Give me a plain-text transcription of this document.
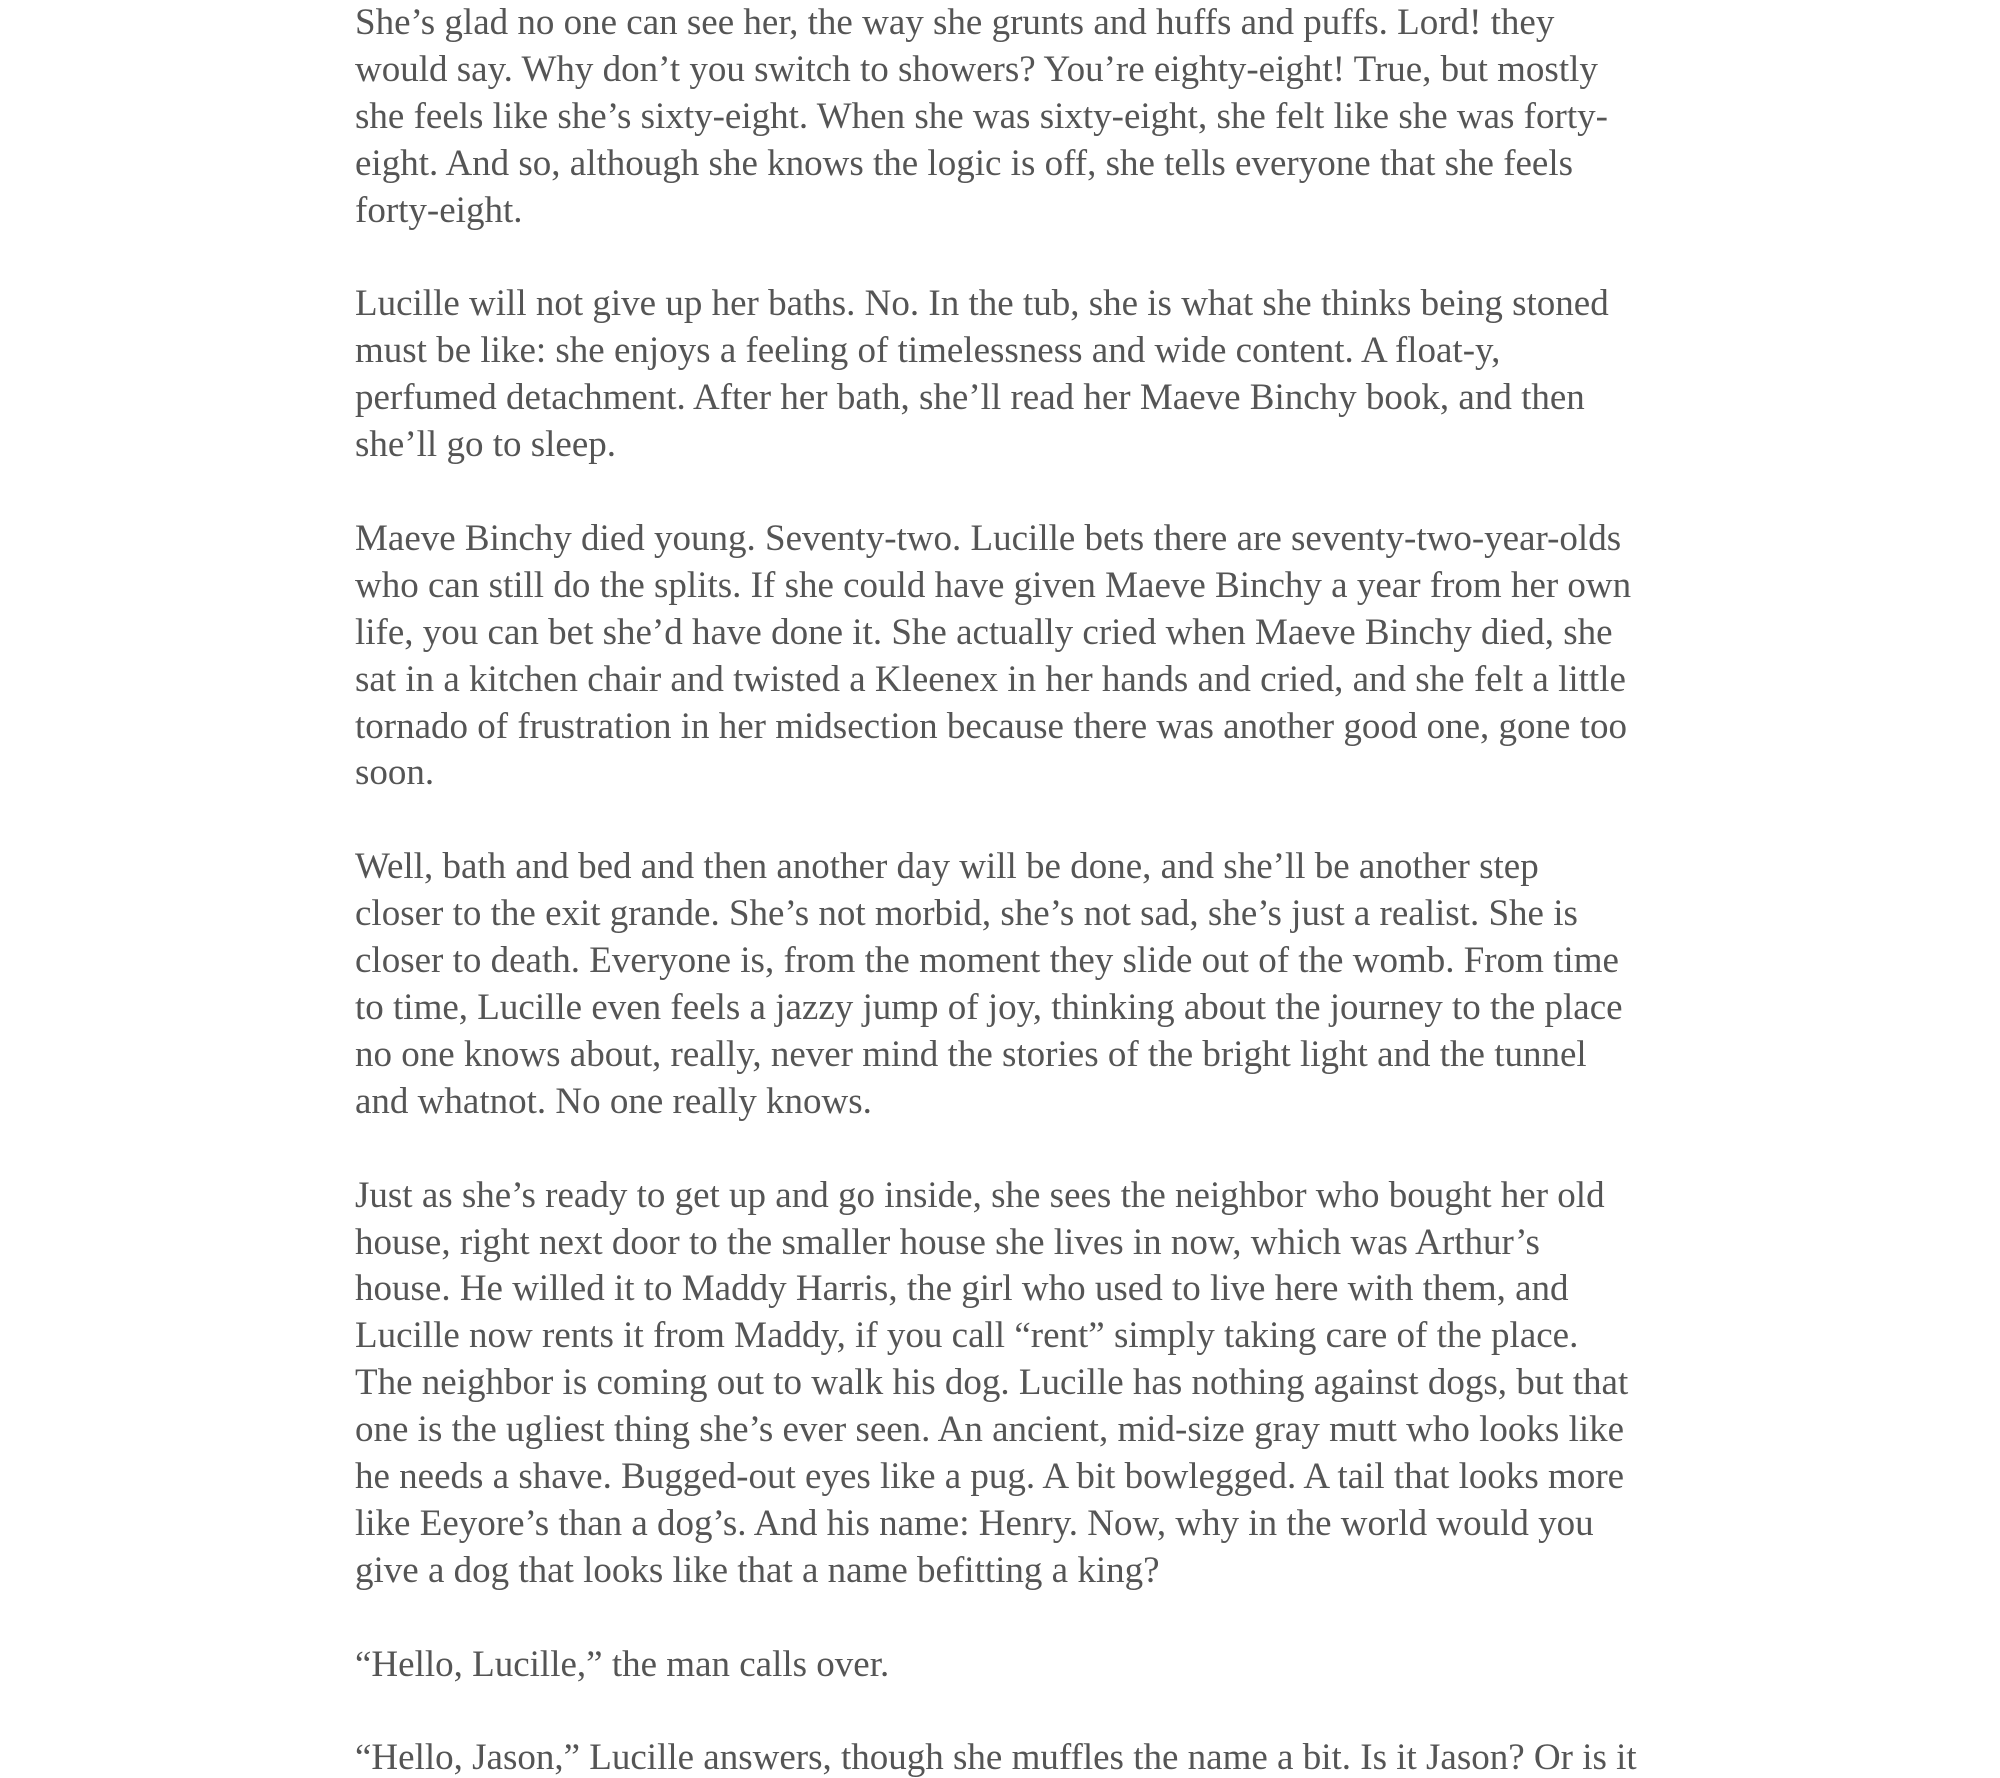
She’s glad no one can see her, the way she grunts and huffs and puffs. Lord! they
would say. Why don’t you switch to showers? You’re eighty-eight! True, but mostly
she feels like she’s sixty-eight. When she was sixty-eight, she felt like she was forty-
eight. And so, although she knows the logic is off, she tells everyone that she feels
forty-eight.

Lucille will not give up her baths. No. In the tub, she is what she thinks being stoned
must be like: she enjoys a feeling of timelessness and wide content. A float-y,
perfumed detachment. After her bath, she’ll read her Maeve Binchy book, and then
she’ll go to sleep.

Maeve Binchy died young. Seventy-two. Lucille bets there are seventy-two-year-olds
who can still do the splits. If she could have given Maeve Binchy a year from her own
life, you can bet she’d have done it. She actually cried when Maeve Binchy died, she
sat in a kitchen chair and twisted a Kleenex in her hands and cried, and she felt a little
tornado of frustration in her midsection because there was another good one, gone too
soon.

Well, bath and bed and then another day will be done, and she’ll be another step
closer to the exit grande. She’s not morbid, she’s not sad, she’s just a realist. She is
closer to death. Everyone is, from the moment they slide out of the womb. From time
to time, Lucille even feels a jazzy jump of joy, thinking about the journey to the place
no one knows about, really, never mind the stories of the bright light and the tunnel
and whatnot. No one really knows.

Just as she’s ready to get up and go inside, she sees the neighbor who bought her old
house, right next door to the smaller house she lives in now, which was Arthur’s
house. He willed it to Maddy Harris, the girl who used to live here with them, and
Lucille now rents it from Maddy, if you call “rent” simply taking care of the place.
The neighbor is coming out to walk his dog. Lucille has nothing against dogs, but that
one is the ugliest thing she’s ever seen. An ancient, mid-size gray mutt who looks like
he needs a shave. Bugged-out eyes like a pug. A bit bowlegged. A tail that looks more
like Eeyore’s than a dog’s. And his name: Henry. Now, why in the world would you
give a dog that looks like that a name befitting a king?

“Hello, Lucille,” the man calls over.

“Hello, Jason,” Lucille answers, though she muffles the name a bit. Is it Jason? Or is it
